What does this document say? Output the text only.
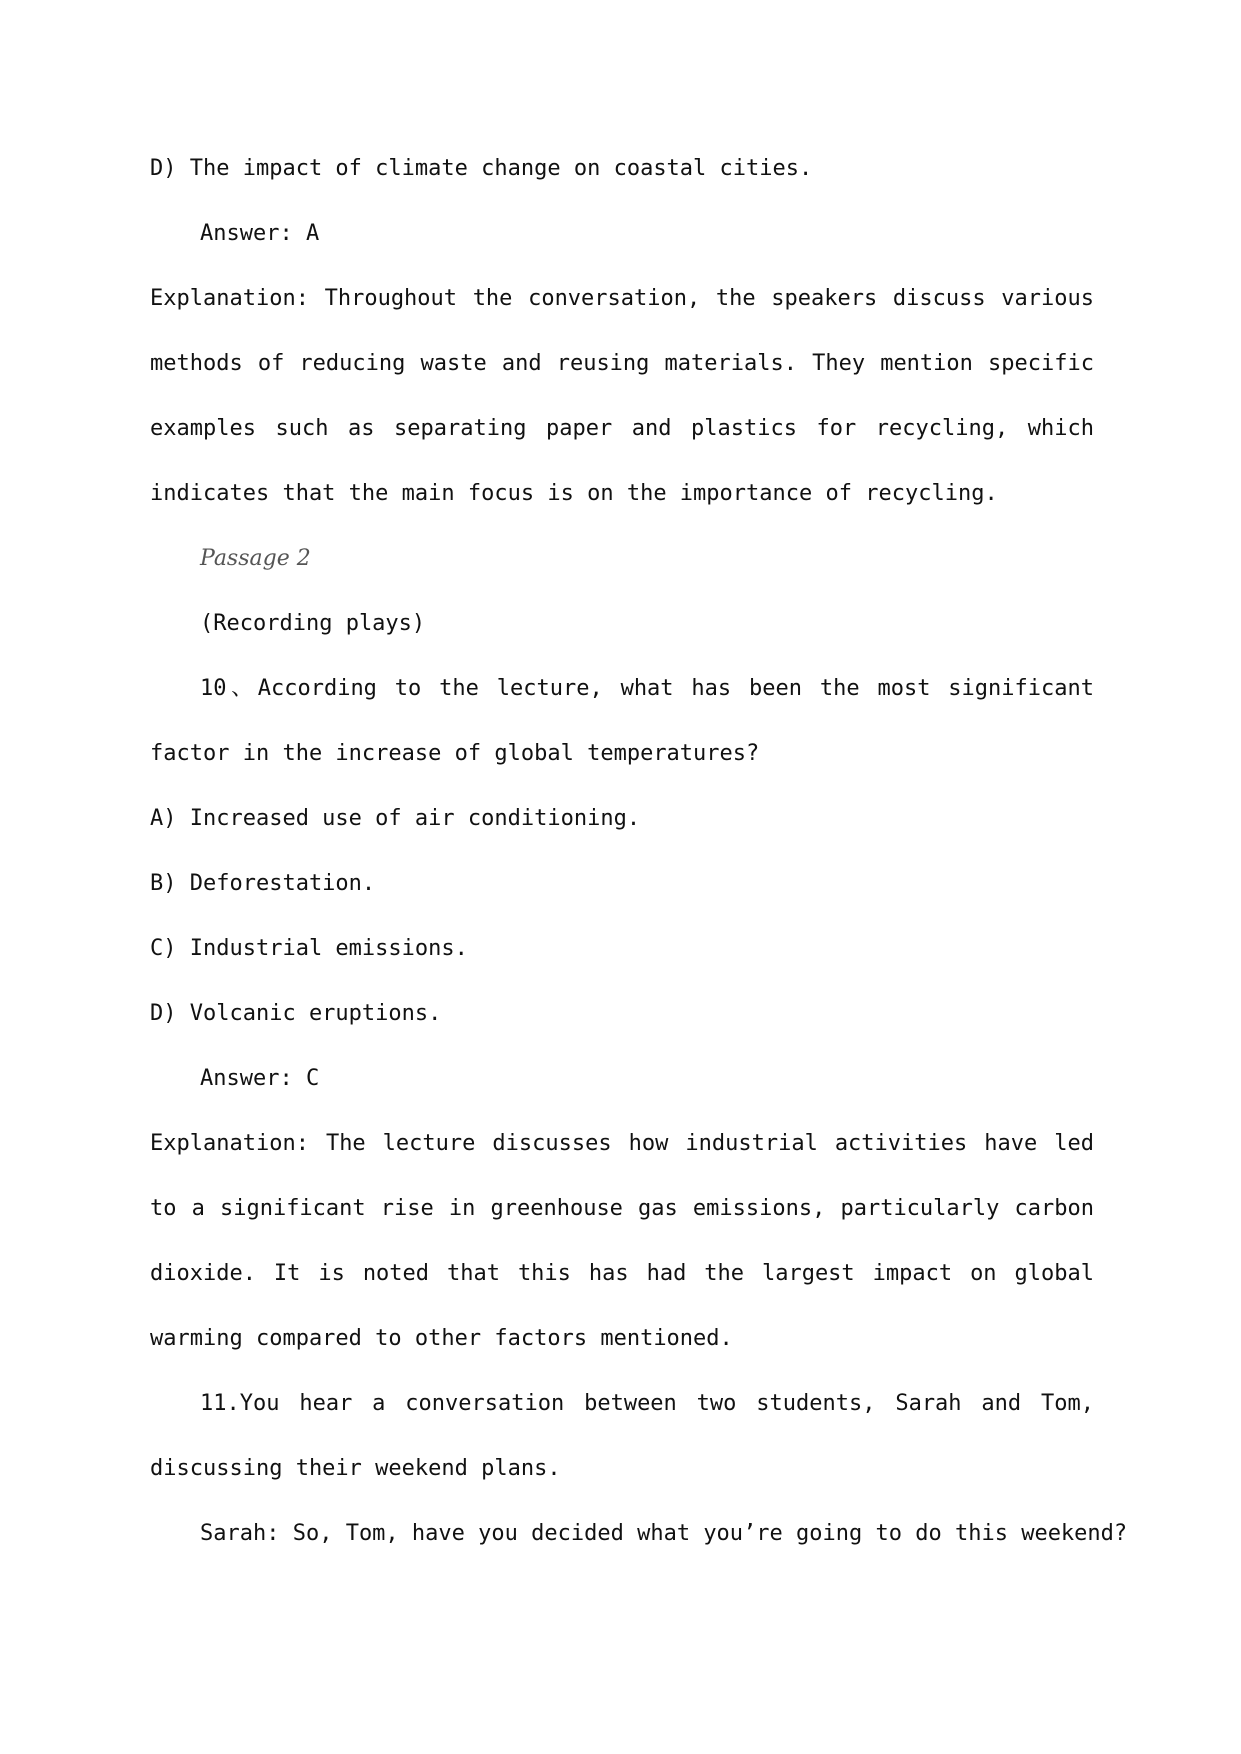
D) The impact of climate change on coastal cities.
Answer: A
Explanation: Throughout the conversation, the speakers discuss various methods of reducing waste and reusing materials. They mention specific examples such as separating paper and plastics for recycling, which indicates that the main focus is on the importance of recycling.
Passage 2
(Recording plays)
10、According to the lecture, what has been the most significant factor in the increase of global temperatures?
A) Increased use of air conditioning.
B) Deforestation.
C) Industrial emissions.
D) Volcanic eruptions.
Answer: C
Explanation: The lecture discusses how industrial activities have led to a significant rise in greenhouse gas emissions, particularly carbon dioxide. It is noted that this has had the largest impact on global warming compared to other factors mentioned.
11.You hear a conversation between two students, Sarah and Tom, discussing their weekend plans.
Sarah: So, Tom, have you decided what you’re going to do this weekend?
